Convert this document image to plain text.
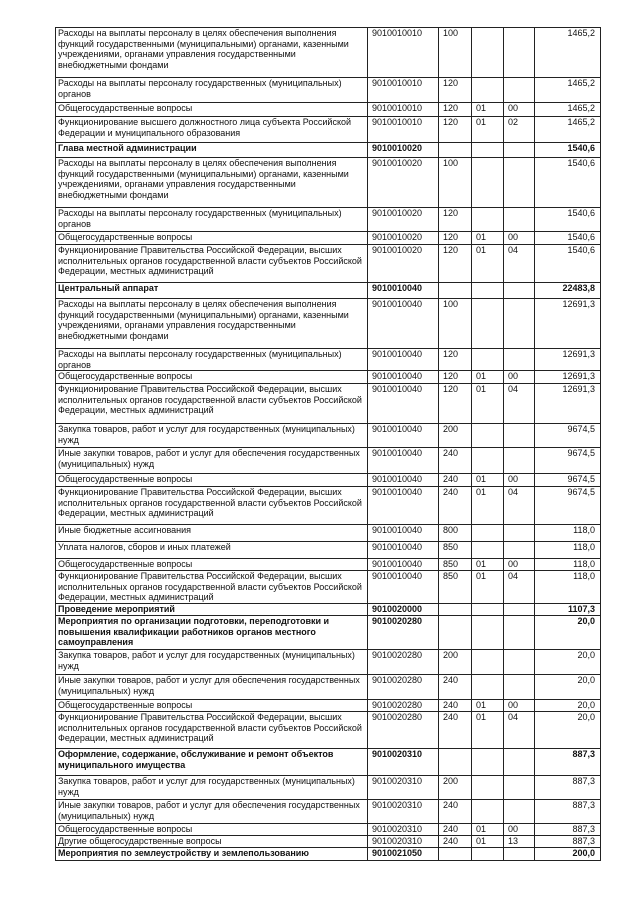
Расходы на выплаты персоналу в целях обеспечения выполнения функций государственными (муниципальными) органами, казенными учреждениями, органами управления государственными внебюджетными фондами	9010010010	100			1465,2
Расходы на выплаты персоналу государственных (муниципальных) органов	9010010010	120			1465,2
Общегосударственные вопросы	9010010010	120	01	00	1465,2
Функционирование высшего должностного лица субъекта Российской Федерации и муниципального образования	9010010010	120	01	02	1465,2
Глава местной администрации	9010010020				1540,6
Расходы на выплаты персоналу в целях обеспечения выполнения функций государственными (муниципальными) органами, казенными учреждениями, органами управления государственными внебюджетными фондами	9010010020	100			1540,6
Расходы на выплаты персоналу государственных (муниципальных) органов	9010010020	120			1540,6
Общегосударственные вопросы	9010010020	120	01	00	1540,6
Функционирование Правительства Российской Федерации, высших исполнительных органов государственной власти субъектов Российской Федерации, местных администраций	9010010020	120	01	04	1540,6
Центральный аппарат	9010010040				22483,8
Расходы на выплаты персоналу в целях обеспечения выполнения функций государственными (муниципальными) органами, казенными учреждениями, органами управления государственными внебюджетными фондами	9010010040	100			12691,3
Расходы на выплаты персоналу государственных (муниципальных) органов	9010010040	120			12691,3
Общегосударственные вопросы	9010010040	120	01	00	12691,3
Функционирование Правительства Российской Федерации, высших исполнительных органов государственной власти субъектов Российской Федерации, местных администраций	9010010040	120	01	04	12691,3
Закупка товаров, работ и услуг для государственных (муниципальных) нужд	9010010040	200			9674,5
Иные закупки товаров, работ и услуг для обеспечения государственных (муниципальных) нужд	9010010040	240			9674,5
Общегосударственные вопросы	9010010040	240	01	00	9674,5
Функционирование Правительства Российской Федерации, высших исполнительных органов государственной власти субъектов Российской Федерации, местных администраций	9010010040	240	01	04	9674,5
Иные бюджетные ассигнования	9010010040	800			118,0
Уплата налогов, сборов и иных платежей	9010010040	850			118,0
Общегосударственные вопросы	9010010040	850	01	00	118,0
Функционирование Правительства Российской Федерации, высших исполнительных органов государственной власти субъектов Российской Федерации, местных администраций	9010010040	850	01	04	118,0
Проведение мероприятий	9010020000				1107,3
Мероприятия по организации подготовки, переподготовки и повышения квалификации работников органов местного самоуправления	9010020280				20,0
Закупка товаров, работ и услуг для государственных (муниципальных) нужд	9010020280	200			20,0
Иные закупки товаров, работ и услуг для обеспечения государственных (муниципальных) нужд	9010020280	240			20,0
Общегосударственные вопросы	9010020280	240	01	00	20,0
Функционирование Правительства Российской Федерации, высших исполнительных органов государственной власти субъектов Российской Федерации, местных администраций	9010020280	240	01	04	20,0
Оформление, содержание, обслуживание и ремонт объектов муниципального имущества	9010020310				887,3
Закупка товаров, работ и услуг для государственных (муниципальных) нужд	9010020310	200			887,3
Иные закупки товаров, работ и услуг для обеспечения государственных (муниципальных) нужд	9010020310	240			887,3
Общегосударственные вопросы	9010020310	240	01	00	887,3
Другие общегосударственные вопросы	9010020310	240	01	13	887,3
Мероприятия по землеустройству и землепользованию	9010021050				200,0
